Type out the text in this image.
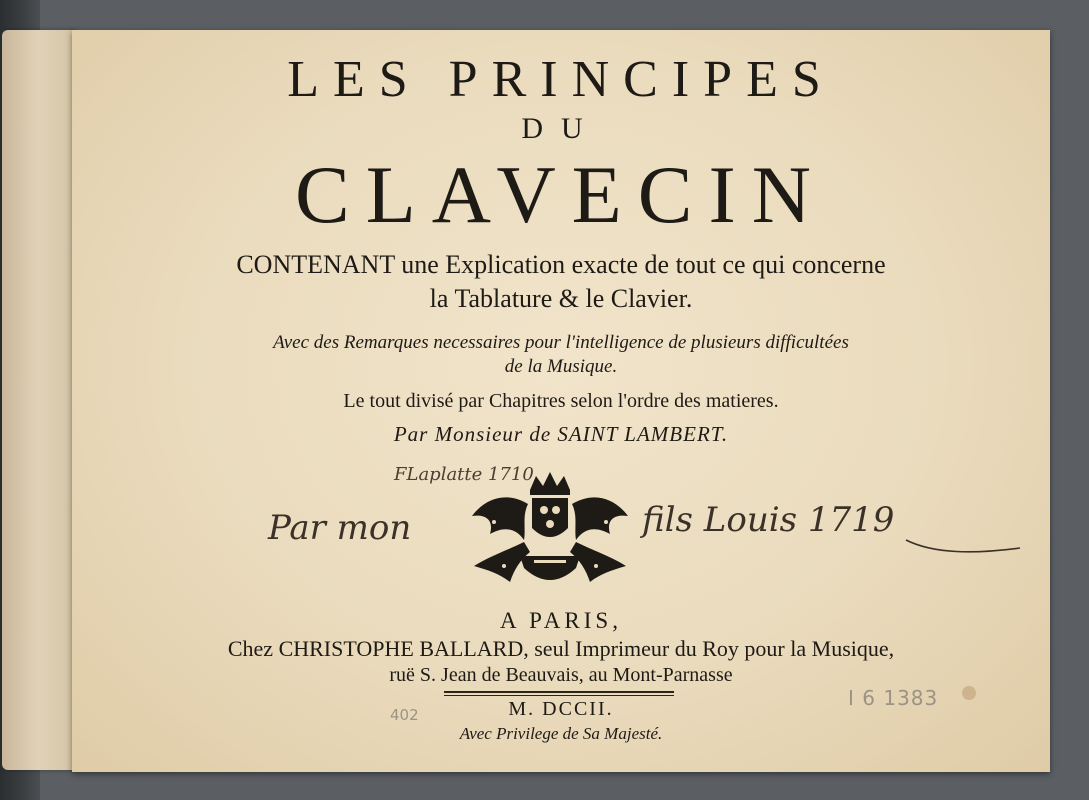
LES PRINCIPES
DU
CLAVECIN
CONTENANT une Explication exacte de tout ce qui concerne
la Tablature & le Clavier.
Avec des Remarques necessaires pour l'intelligence de plusieurs difficultées
de la Musique.
Le tout divisé par Chapitres selon l'ordre des matieres.
Par Monsieur de SAINT LAMBERT.
FLaplatte 1710
Par mon	fils Louis 1719
A PARIS,
Chez CHRISTOPHE BALLARD, seul Imprimeur du Roy pour la Musique,
ruë S. Jean de Beauvais, au Mont-Parnasse
M. DCCII.
Avec Privilege de Sa Majesté.
402
I 6 1383
